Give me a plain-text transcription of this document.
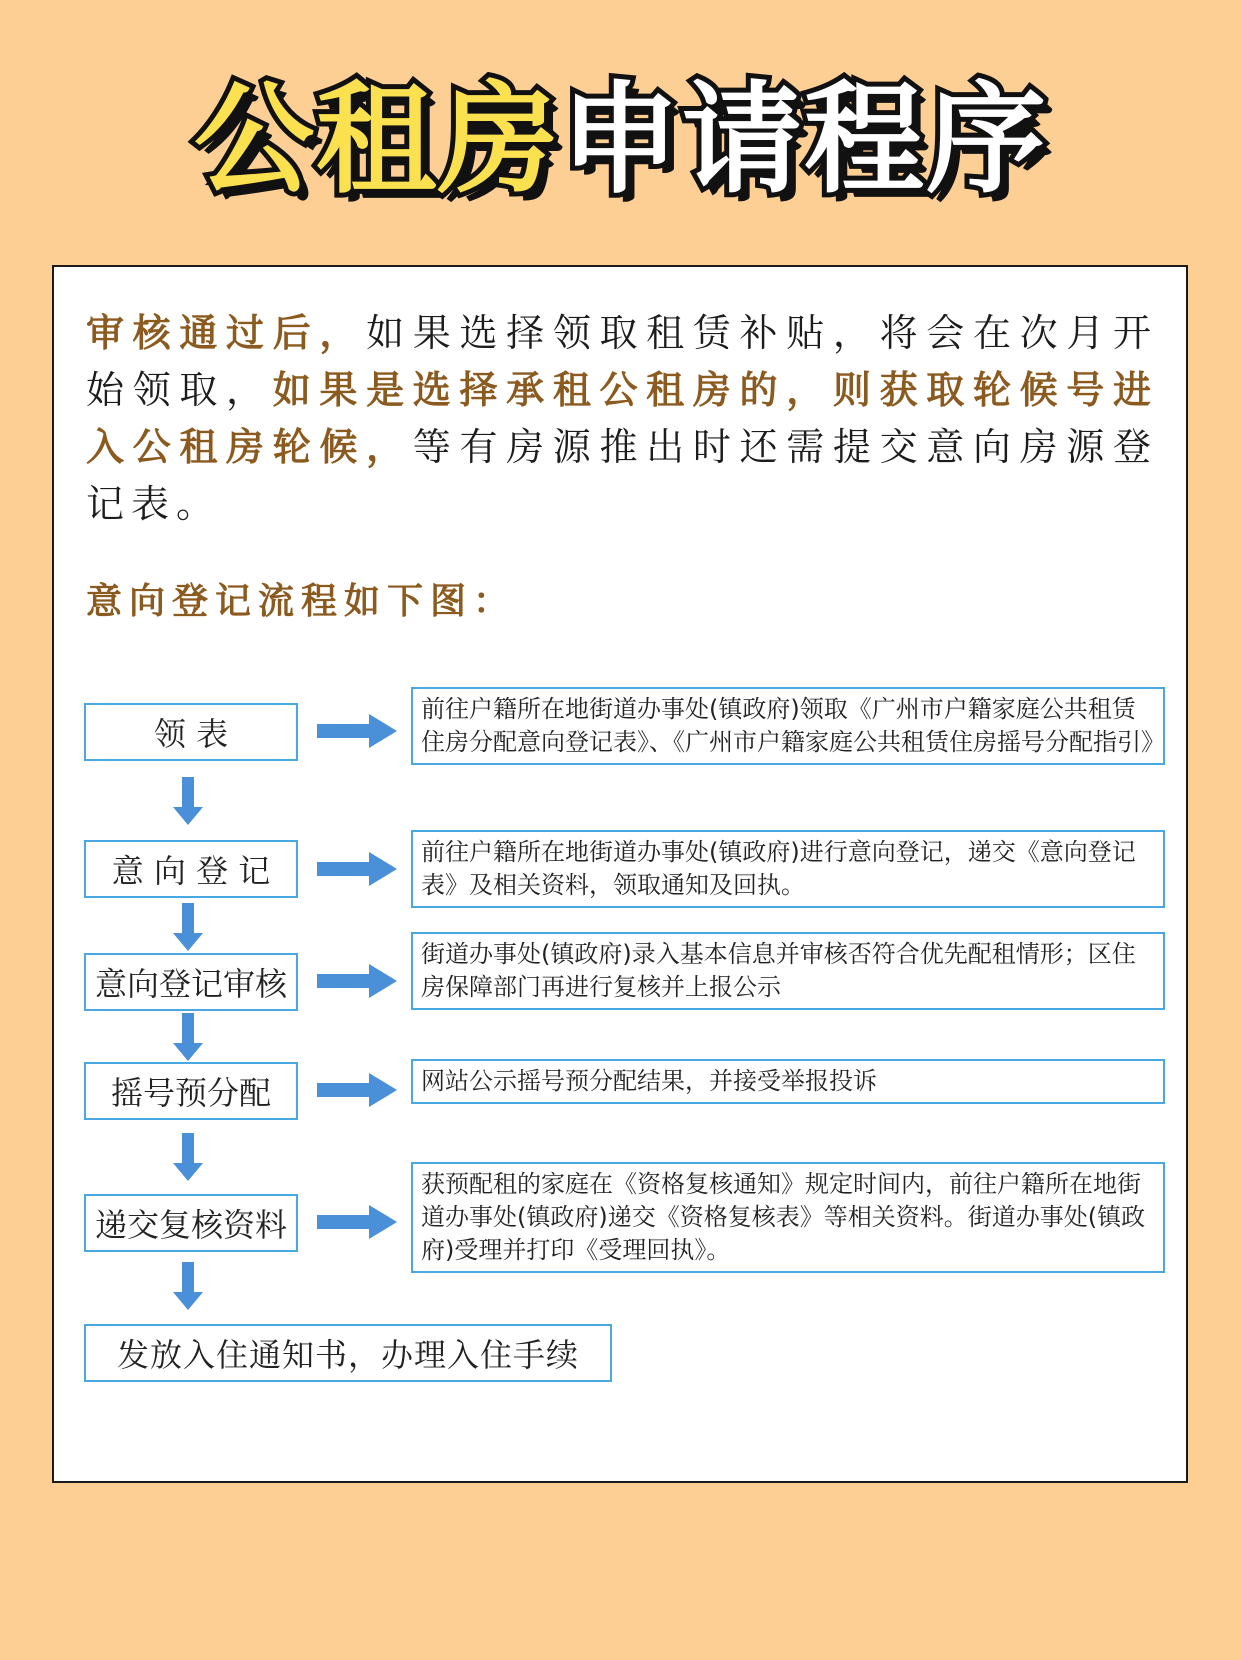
公租房申请程序

审核通过后，如果选择领取租赁补贴，将会在次月开始领取，如果是选择承租公租房的，则获取轮候号进入公租房轮候，等有房源推出时还需提交意向房源登记表。

意向登记流程如下图：

领 表
前往户籍所在地街道办事处(镇政府)领取《广州市户籍家庭公共租赁住房分配意向登记表》、《广州市户籍家庭公共租赁住房摇号分配指引》
意 向 登 记	前往户籍所在地街道办事处(镇政府)进行意向登记，递交《意向登记表》及相关资料，领取通知及回执。
意向登记审核
街道办事处(镇政府)录入基本信息并审核否符合优先配租情形；区住房保障部门再进行复核并上报公示
摇号预分配	网站公示摇号预分配结果，并接受举报投诉
递交复核资料
获预配租的家庭在《资格复核通知》规定时间内，前往户籍所在地街道办事处(镇政府)递交《资格复核表》等相关资料。街道办事处(镇政府)受理并打印《受理回执》。
发放入住通知书，办理入住手续
